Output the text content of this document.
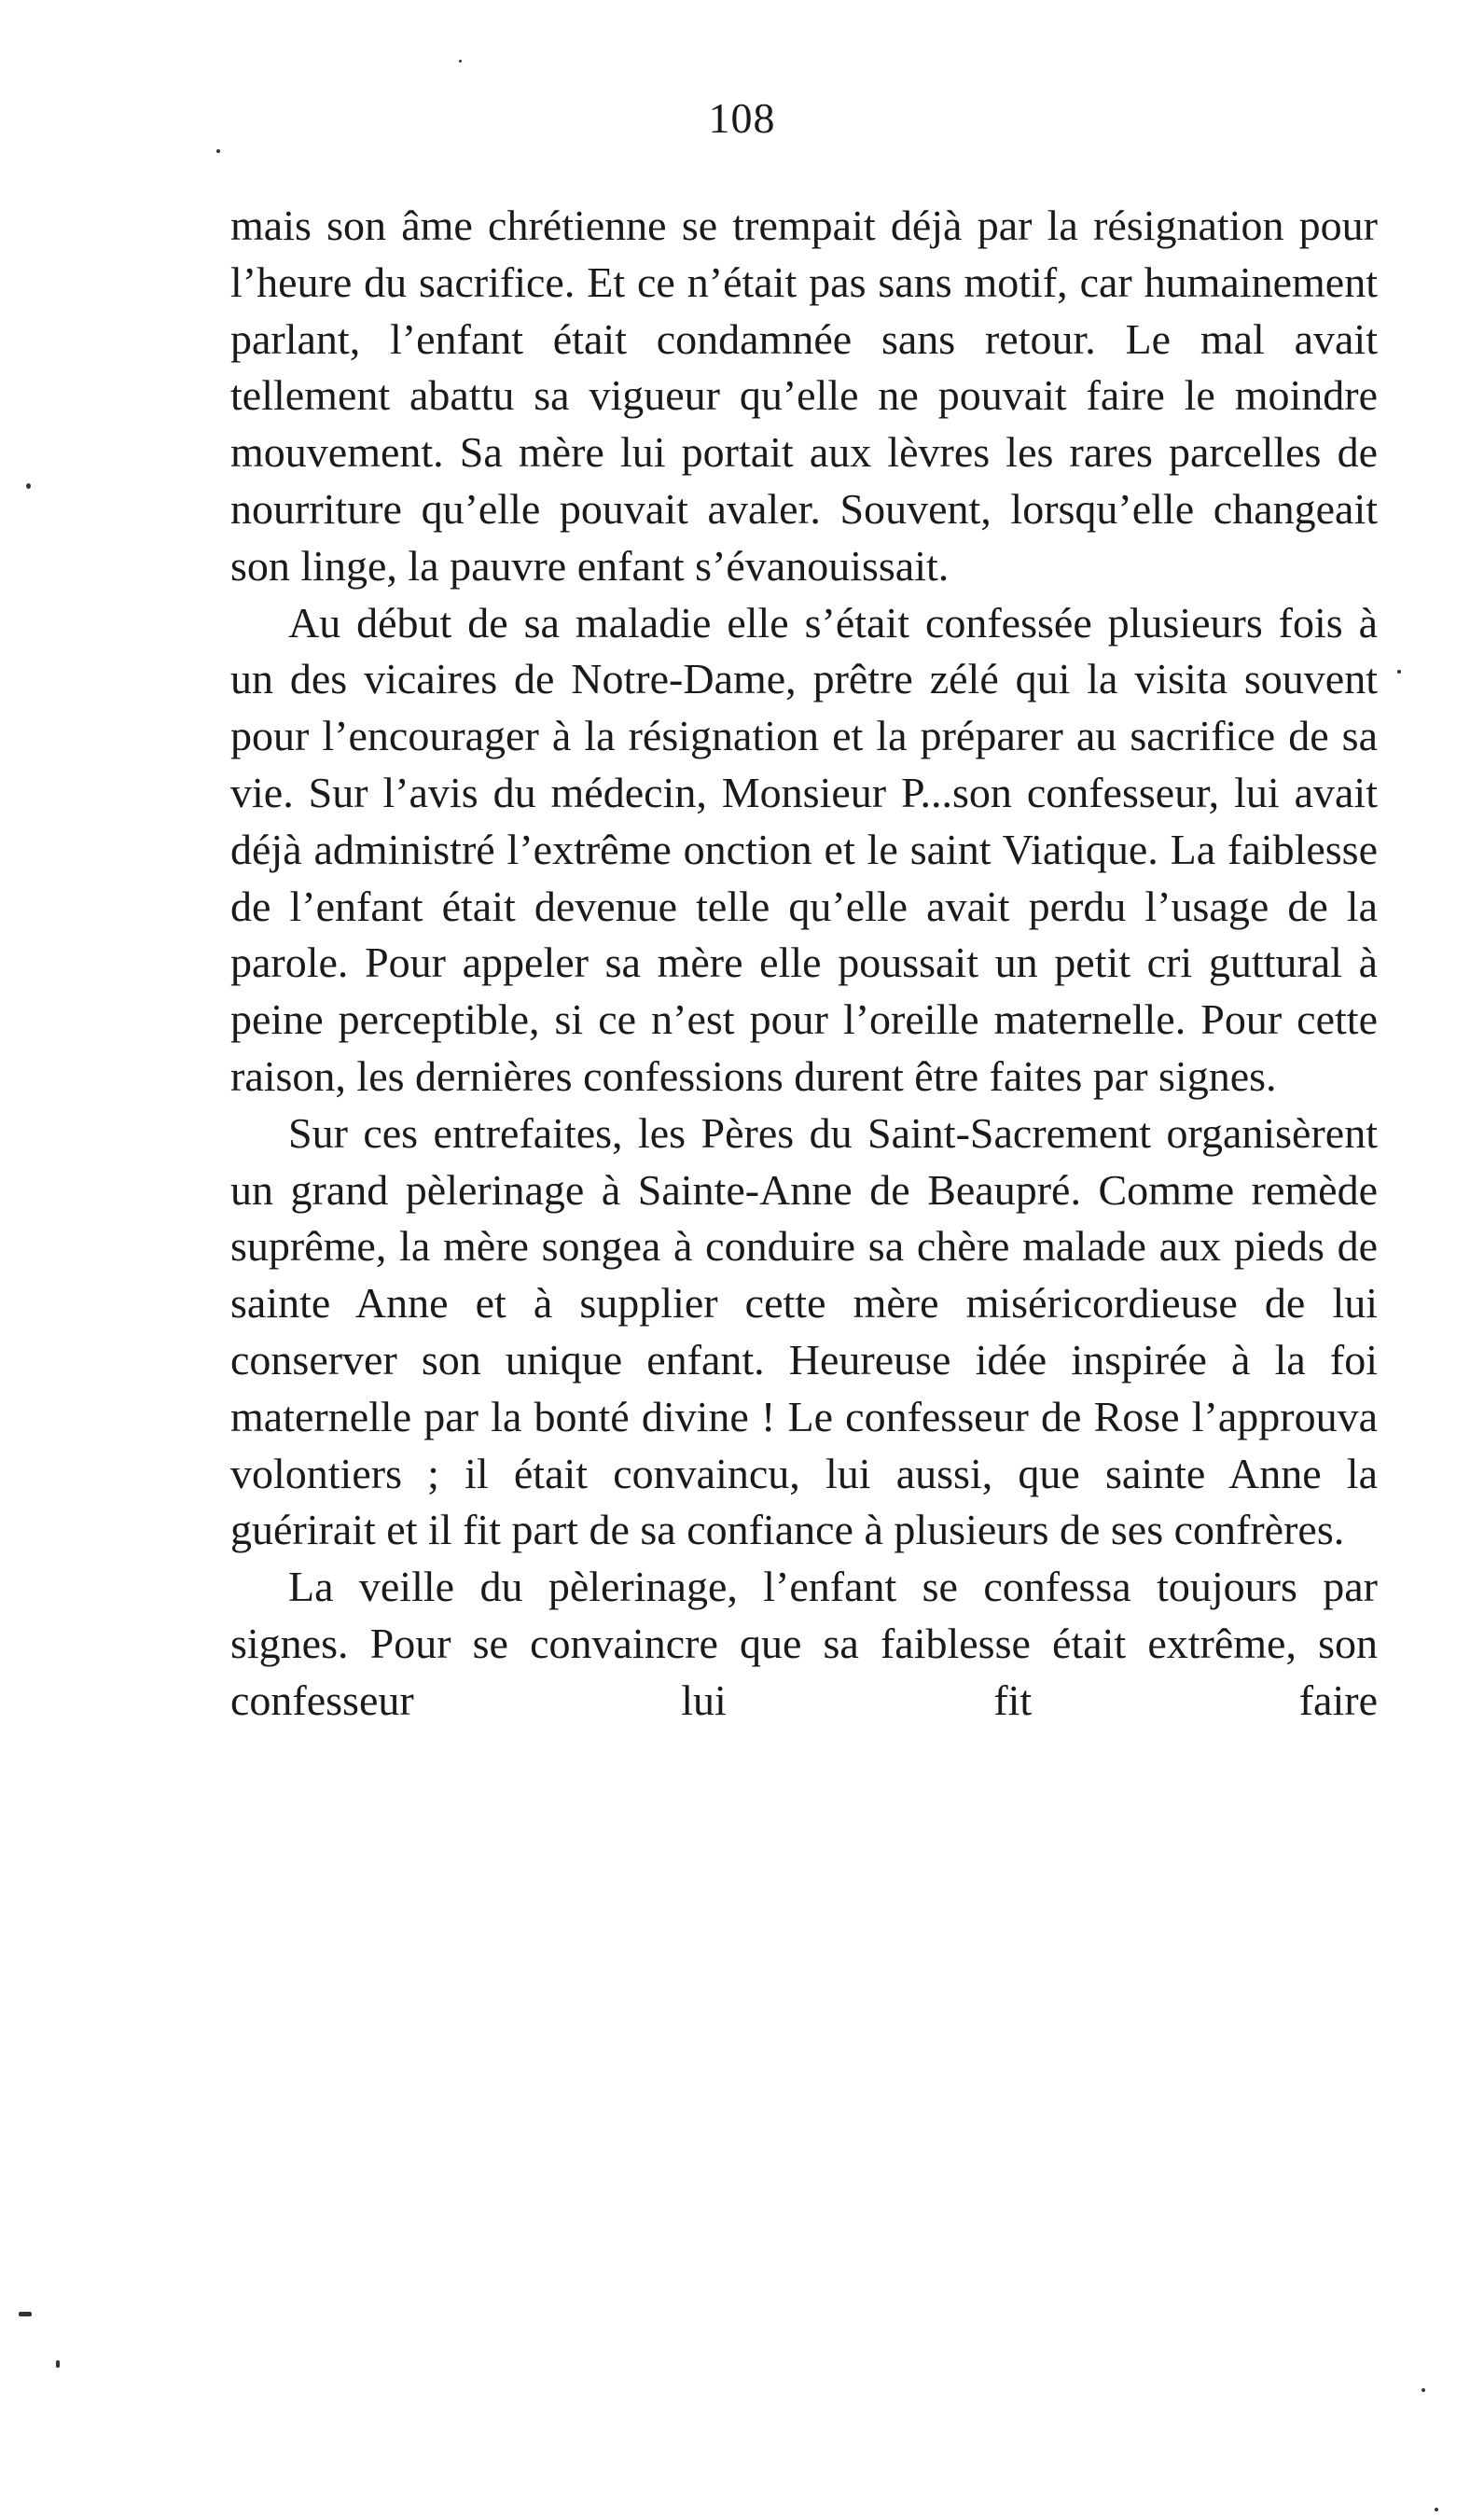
108

mais son âme chrétienne se trempait déjà par la résignation pour l’heure du sacrifice. Et ce n’était pas sans motif, car humainement parlant, l’enfant était condamnée sans retour. Le mal avait tellement abattu sa vigueur qu’elle ne pouvait faire le moindre mouvement. Sa mère lui portait aux lèvres les rares parcelles de nourriture qu’elle pouvait avaler. Souvent, lorsqu’elle changeait son linge, la pauvre enfant s’évanouissait.

Au début de sa maladie elle s’était confessée plusieurs fois à un des vicaires de Notre-Dame, prêtre zélé qui la visita souvent pour l’encourager à la résignation et la préparer au sacrifice de sa vie. Sur l’avis du médecin, Monsieur P...son confesseur, lui avait déjà administré l’extrême onction et le saint Viatique. La faiblesse de l’enfant était devenue telle qu’elle avait perdu l’usage de la parole. Pour appeler sa mère elle poussait un petit cri guttural à peine perceptible, si ce n’est pour l’oreille maternelle. Pour cette raison, les dernières confessions durent être faites par signes.

Sur ces entrefaites, les Pères du Saint-Sacrement organisèrent un grand pèlerinage à Sainte-Anne de Beaupré. Comme remède suprême, la mère songea à conduire sa chère malade aux pieds de sainte Anne et à supplier cette mère miséricordieuse de lui conserver son unique enfant. Heureuse idée inspirée à la foi maternelle par la bonté divine ! Le confesseur de Rose l’approuva volontiers ; il était convaincu, lui aussi, que sainte Anne la guérirait et il fit part de sa confiance à plusieurs de ses confrères.

La veille du pèlerinage, l’enfant se confessa toujours par signes. Pour se convaincre que sa faiblesse était extrême, son confesseur lui fit faire
